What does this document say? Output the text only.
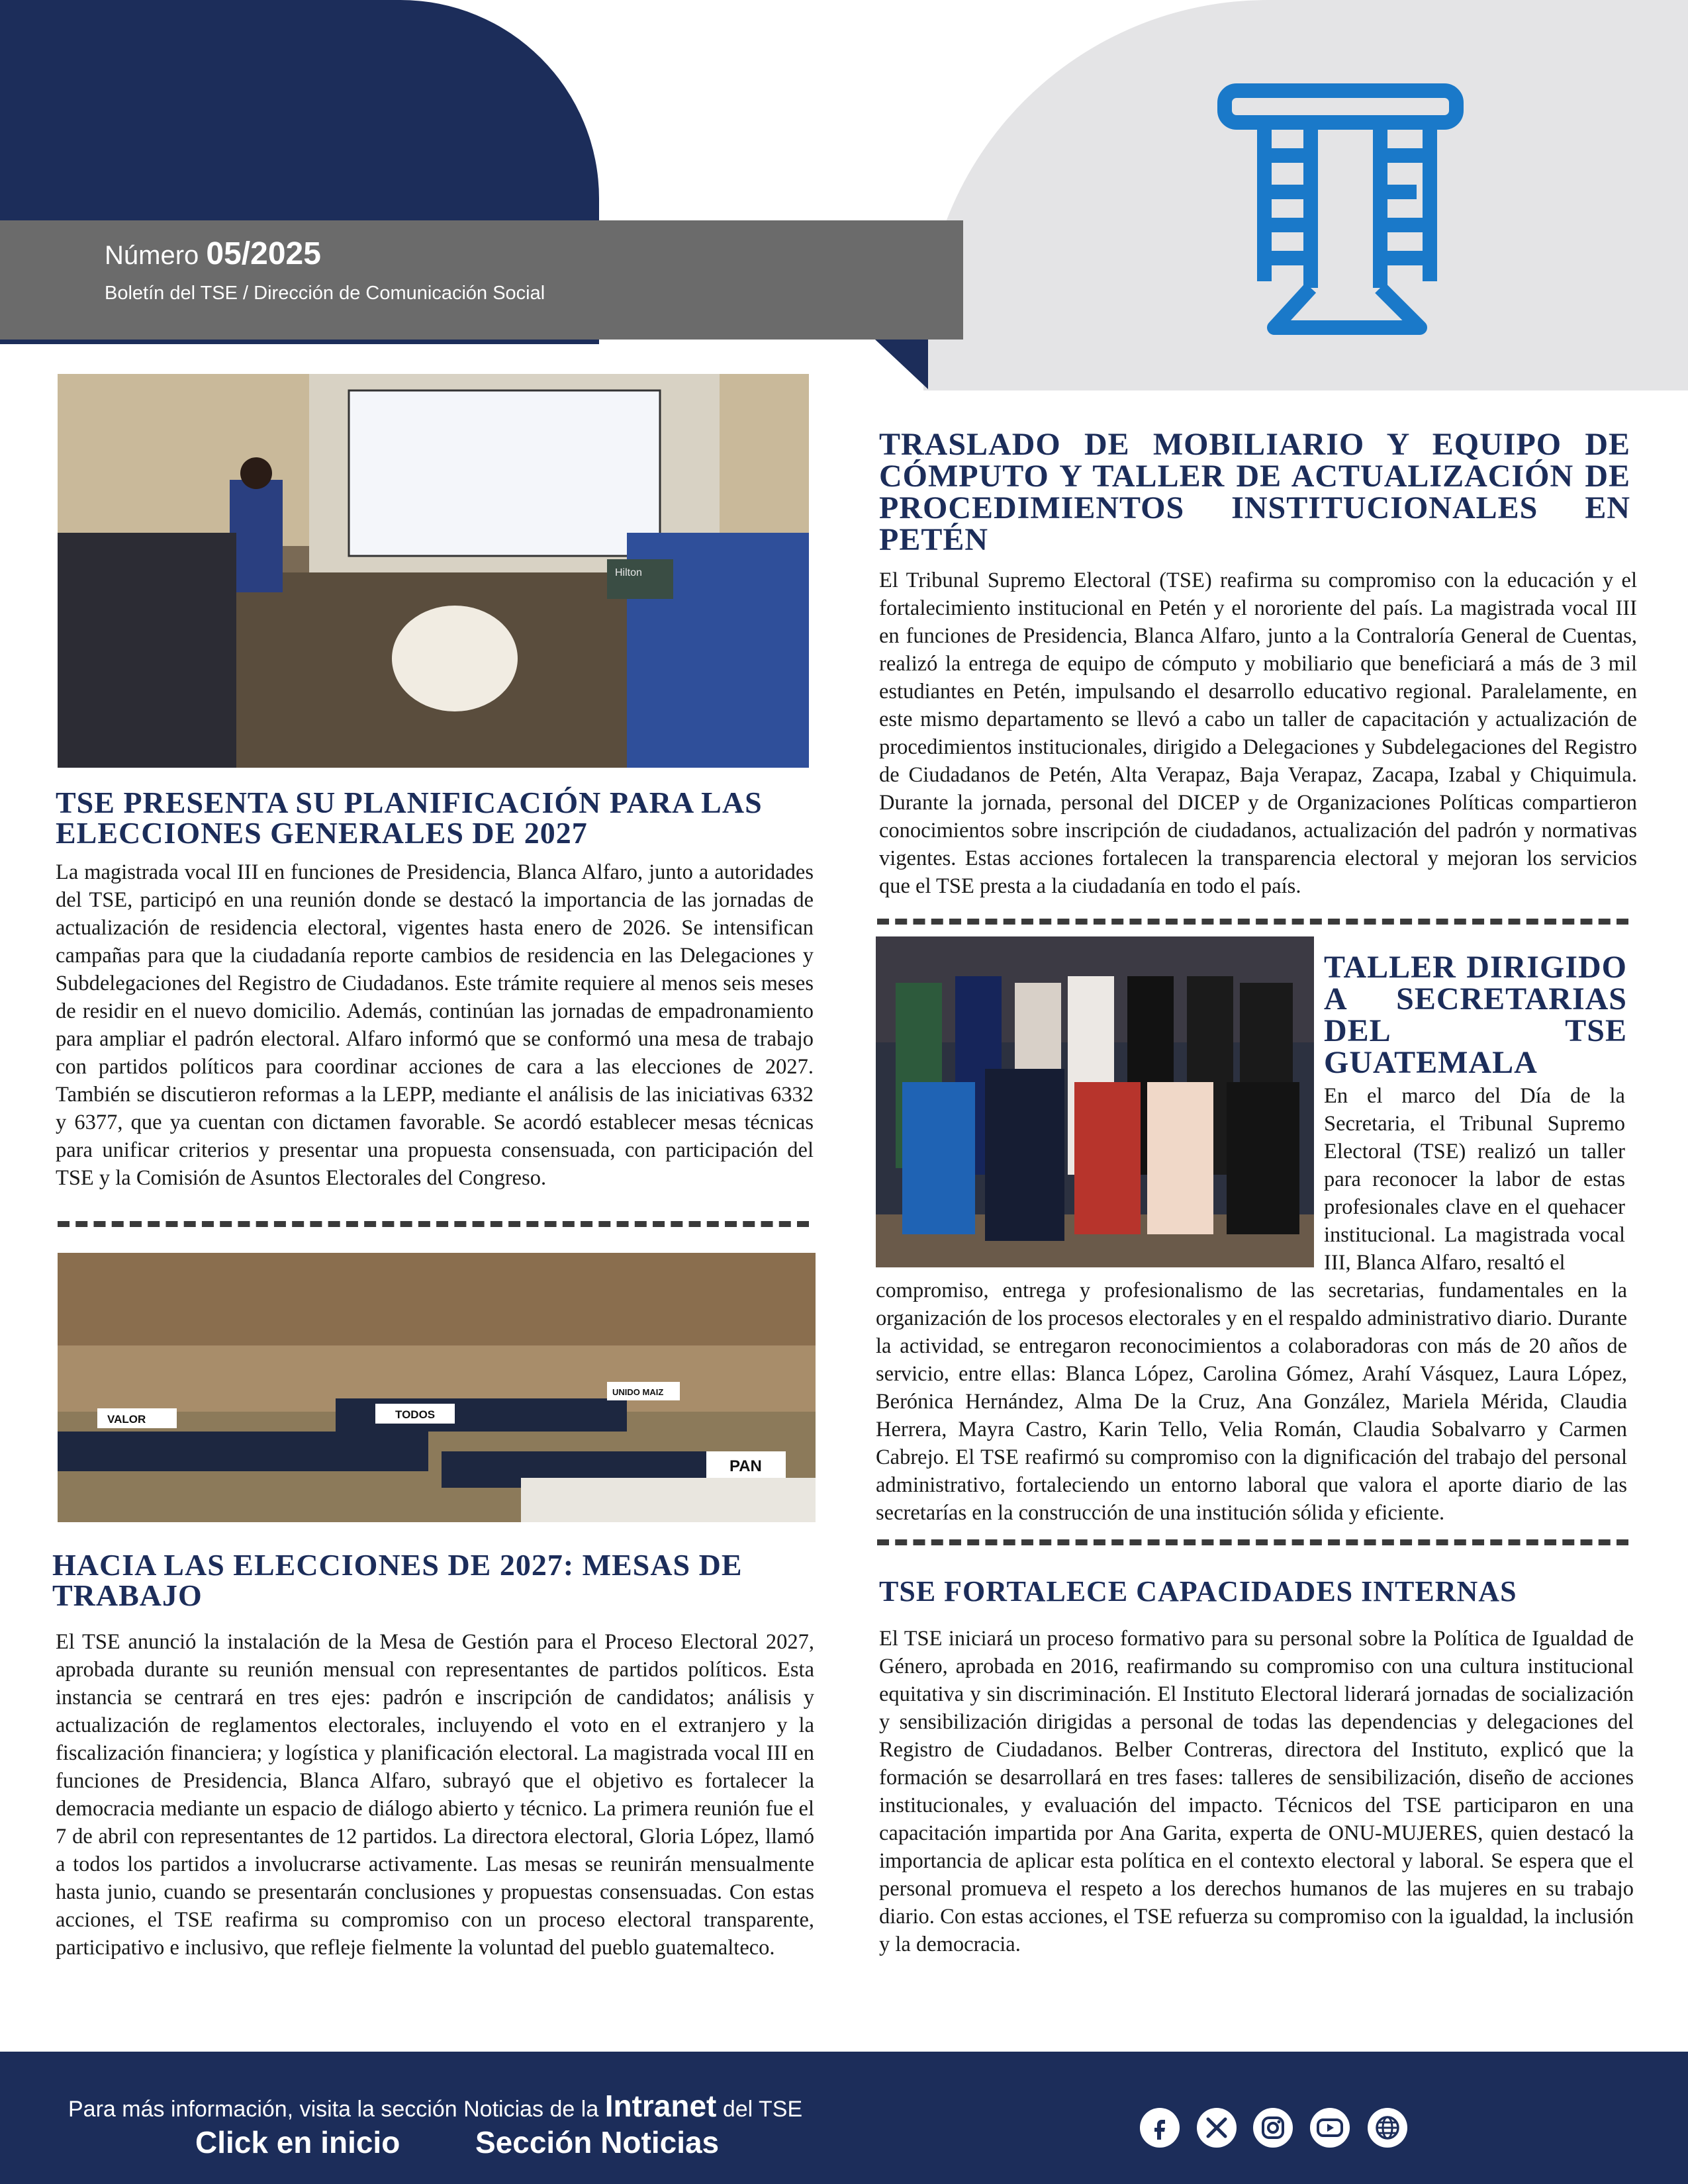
Número 05/2025
Boletín del TSE / Dirección de Comunicación Social
Hilton
TSE PRESENTA SU PLANIFICACIÓN PARA LAS ELECCIONES GENERALES DE 2027
La magistrada vocal III en funciones de Presidencia, Blanca Alfaro, junto a autoridades del TSE, participó en una reunión donde se destacó la importancia de las jornadas de actualización de residencia electoral, vigentes hasta enero de 2026. Se intensifican campañas para que la ciudadanía reporte cambios de residencia en las Delegaciones y Subdelegaciones del Registro de Ciudadanos. Este trámite requiere al menos seis meses de residir en el nuevo domicilio. Además, continúan las jornadas de empadronamiento para ampliar el padrón electoral. Alfaro informó que se conformó una mesa de trabajo con partidos políticos para coordinar acciones de cara a las elecciones de 2027. También se discutieron reformas a la LEPP, mediante el análisis de las iniciativas 6332 y 6377, que ya cuentan con dictamen favorable. Se acordó establecer mesas técnicas para unificar criterios y presentar una propuesta consensuada, con participación del TSE y la Comisión de Asuntos Electorales del Congreso.
VALOR	TODOS
UNIDO MAIZ
PAN
HACIA LAS ELECCIONES DE 2027: MESAS DE TRABAJO
El TSE anunció la instalación de la Mesa de Gestión para el Proceso Electoral 2027, aprobada durante su reunión mensual con representantes de partidos políticos. Esta instancia se centrará en tres ejes: padrón e inscripción de candidatos; análisis y actualización de reglamentos electorales, incluyendo el voto en el extranjero y la fiscalización financiera; y logística y planificación electoral. La magistrada vocal III en funciones de Presidencia, Blanca Alfaro, subrayó que el objetivo es fortalecer la democracia mediante un espacio de diálogo abierto y técnico. La primera reunión fue el 7 de abril con representantes de 12 partidos. La directora electoral, Gloria López, llamó a todos los partidos a involucrarse activamente. Las mesas se reunirán mensualmente hasta junio, cuando se presentarán conclusiones y propuestas consensuadas. Con estas acciones, el TSE reafirma su compromiso con un proceso electoral transparente, participativo e inclusivo, que refleje fielmente la voluntad del pueblo guatemalteco.
TRASLADO DE MOBILIARIO Y EQUIPO DE CÓMPUTO Y TALLER DE ACTUALIZACIÓN DE PROCEDIMIENTOS INSTITUCIONALES EN PETÉN
El Tribunal Supremo Electoral (TSE) reafirma su compromiso con la educación y el fortalecimiento institucional en Petén y el nororiente del país. La magistrada vocal III en funciones de Presidencia, Blanca Alfaro, junto a la Contraloría General de Cuentas, realizó la entrega de equipo de cómputo y mobiliario que beneficiará a más de 3 mil estudiantes en Petén, impulsando el desarrollo educativo regional. Paralelamente, en este mismo departamento se llevó a cabo un taller de capacitación y actualización de procedimientos institucionales, dirigido a Delegaciones y Subdelegaciones del Registro de Ciudadanos de Petén, Alta Verapaz, Baja Verapaz, Zacapa, Izabal y Chiquimula. Durante la jornada, personal del DICEP y de Organizaciones Políticas compartieron conocimientos sobre inscripción de ciudadanos, actualización del padrón y normativas vigentes. Estas acciones fortalecen la transparencia electoral y mejoran los servicios que el TSE presta a la ciudadanía en todo el país.
TALLER DIRIGIDO A SECRETARIAS DEL TSE GUATEMALA
En el marco del Día de la Secretaria, el Tribunal Supremo Electoral (TSE) realizó un taller para reconocer la labor de estas profesionales clave en el quehacer institucional. La magistrada vocal III, Blanca Alfaro, resaltó el
compromiso, entrega y profesionalismo de las secretarias, fundamentales en la organización de los procesos electorales y en el respaldo administrativo diario. Durante la actividad, se entregaron reconocimientos a colaboradoras con más de 20 años de servicio, entre ellas: Blanca López, Carolina Gómez, Arahí Vásquez, Laura López, Berónica Hernández, Alma De la Cruz, Ana González, Mariela Mérida, Claudia Herrera, Mayra Castro, Karin Tello, Velia Román, Claudia Sobalvarro y Carmen Cabrejo. El TSE reafirmó su compromiso con la dignificación del trabajo del personal administrativo, fortaleciendo un entorno laboral que valora el aporte diario de las secretarías en la construcción de una institución sólida y eficiente.
TSE FORTALECE CAPACIDADES INTERNAS
El TSE iniciará un proceso formativo para su personal sobre la Política de Igualdad de Género, aprobada en 2016, reafirmando su compromiso con una cultura institucional equitativa y sin discriminación. El Instituto Electoral liderará jornadas de socialización y sensibilización dirigidas a personal de todas las dependencias y delegaciones del Registro de Ciudadanos. Belber Contreras, directora del Instituto, explicó que la formación se desarrollará en tres fases: talleres de sensibilización, diseño de acciones institucionales, y evaluación del impacto. Técnicos del TSE participaron en una capacitación impartida por Ana Garita, experta de ONU-MUJERES, quien destacó la importancia de aplicar esta política en el contexto electoral y laboral. Se espera que el personal promueva el respeto a los derechos humanos de las mujeres en su trabajo diario. Con estas acciones, el TSE refuerza su compromiso con la igualdad, la inclusión y la democracia.
Para más información, visita la sección Noticias de la Intranet del TSE
Click en inicio Sección Noticias
